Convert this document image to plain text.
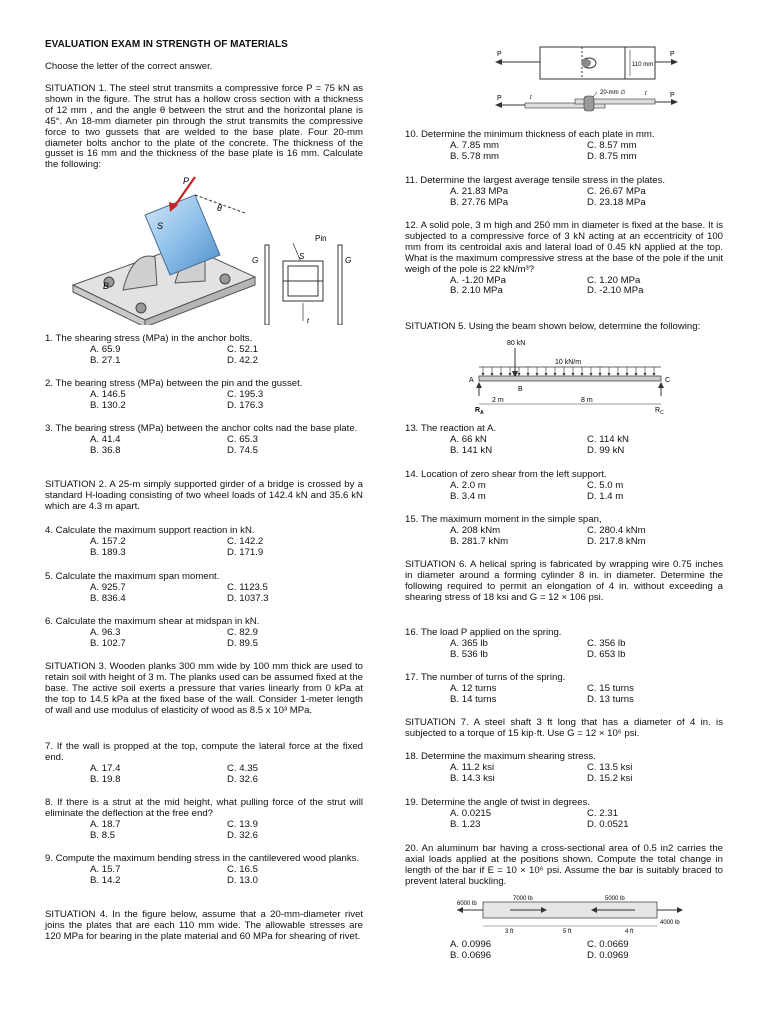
EVALUATION EXAM IN STRENGTH OF MATERIALS
Choose the letter of the correct answer.

SITUATION 1. The steel strut transmits a compressive force P = 75 kN as shown in the figure. The strut has a hollow cross section with a thickness of 12 mm , and the angle θ between the strut and the horizontal plane is 45°. An 18-mm diameter pin through the strut transmits the compressive force to two gussets that are welded to the base plate. Four 20-mm diameter bolts anchor to the plate of the concrete. The thickness of the gusset is 16 mm and the thickness of the base plate is 16 mm. Calculate the following:

P
θ
S
B
Pin
G	G
S
t
1. The shearing stress (MPa) in the anchor bolts.
A. 65.9	C. 52.1
B. 27.1	D. 42.2
2. The bearing stress (MPa) between the pin and the gusset.
A. 146.5	C. 195.3
B. 130.2	D. 176.3

3. The bearing stress (MPa) between the anchor colts nad the base plate.

A. 41.4	C. 65.3
B. 36.8	D. 74.5

SITUATION 2. A 25-m simply supported girder of a bridge is crossed by a standard H-loading consisting of two wheel loads of 142.4 kN and 35.6 kN which are 4.3 m apart.

4. Calculate the maximum support reaction in kN.
A. 157.2	C. 142.2
B. 189.3	D. 171.9
5. Calculate the maximum span moment.
A. 925.7	C. 1123.5
B. 836.4	D. 1037.3
6. Calculate the maximum shear at midspan in kN.
A. 96.3	C. 82.9
B. 102.7	D. 89.5

SITUATION 3. Wooden planks 300 mm wide by 100 mm thick are used to retain soil with height of 3 m. The planks used can be assumed fixed at the base. The active soil exerts a pressure that varies linearly from 0 kPa at the top to 14.5 kPa at the fixed base of the wall. Consider 1-meter length of wall and use modulus of elasticity of wood as 8.5 x 10³ MPa.

7. If the wall is propped at the top, compute the lateral force at the fixed end.

A. 17.4	C. 4.35
B. 19.8	D. 32.6

8. If there is a strut at the mid height, what pulling force of the strut will eliminate the deflection at the free end?

A. 18.7	C. 13.9
B. 8.5	D. 32.6

9. Compute the maximum bending stress in the cantilevered wood planks.

A. 15.7	C. 16.5
B. 14.2	D. 13.0

SITUATION 4. In the figure below, assume that a 20-mm-diameter rivet joins the plates that are each 110 mm wide. The allowable stresses are 120 MPa for bearing in the plate material and 60 MPa for shearing of rivet.

P
110 mm
P
20-mm ∅
P	t
t	P
10. Determine the minimum thickness of each plate in mm.
A. 7.85 mm	C. 8.57 mm
B. 5.78 mm	D. 8.75 mm
11. Determine the largest average tensile stress in the plates.
A. 21.83 MPa	C. 26.67 MPa
B. 27.76 MPa	D. 23.18 MPa

12. A solid pole, 3 m high and 250 mm in diameter is fixed at the base. It is subjected to a compressive force of 3 kN acting at an eccentricity of 100 mm from its centroidal axis and lateral load of 0.45 kN applied at the top. What is the maximum compressive stress at the base of the pole if the unit weigh of the pole is 22 kN/m³?

A. -1.20 MPa	C. 1.20 MPa
B. 2.10 MPa	D. -2.10 MPa

SITUATION 5. Using the beam shown below, determine the following:

80 kN
10 kN/m
A	C
B
2 m	8 m
$R_A$	$R_C$
13. The reaction at A.
A. 66 kN	C. 114 kN
B. 141 kN	D. 99 kN
14. Location of zero shear from the left support.
A. 2.0 m	C. 5.0 m
B. 3.4 m	D. 1.4 m
15. The maximum moment in the simple span,
A. 208 kNm	C. 280.4 kNm
B. 281.7 kNm	D. 217.8 kNm

SITUATION 6. A helical spring is fabricated by wrapping wire 0.75 inches in diameter around a forming cylinder 8 in. in diameter. Determine the following required to permit an elongation of 4 in. without exceeding a shearing stress of 18 ksi and G = 12 × 106 psi.

16. The load P applied on the spring.
A. 365 lb	C. 356 lb
B. 536 lb	D. 653 lb
17. The number of turns of the spring.
A. 12 turns	C. 15 turns
B. 14 turns	D. 13 turns

SITUATION 7. A steel shaft 3 ft long that has a diameter of 4 in. is subjected to a torque of 15 kip·ft. Use G = 12 × 10⁶ psi.

18. Determine the maximum shearing stress.
A. 11.2 ksi	C. 13.5 ksi
B. 14.3 ksi	D. 15.2 ksi
19. Determine the angle of twist in degrees.
A. 0.0215	C. 2.31
B. 1.23	D. 0.0521

20. An aluminum bar having a cross-sectional area of 0.5 in2 carries the axial loads applied at the positions shown. Compute the total change in length of the bar if E = 10 × 10⁶ psi. Assume the bar is suitably braced to prevent lateral buckling.

6000 lb
7000 lb	5000 lb
4000 lb
3 ft	5 ft	4 ft
A. 0.0996	C. 0.0669
B. 0.0696	D. 0.0969
